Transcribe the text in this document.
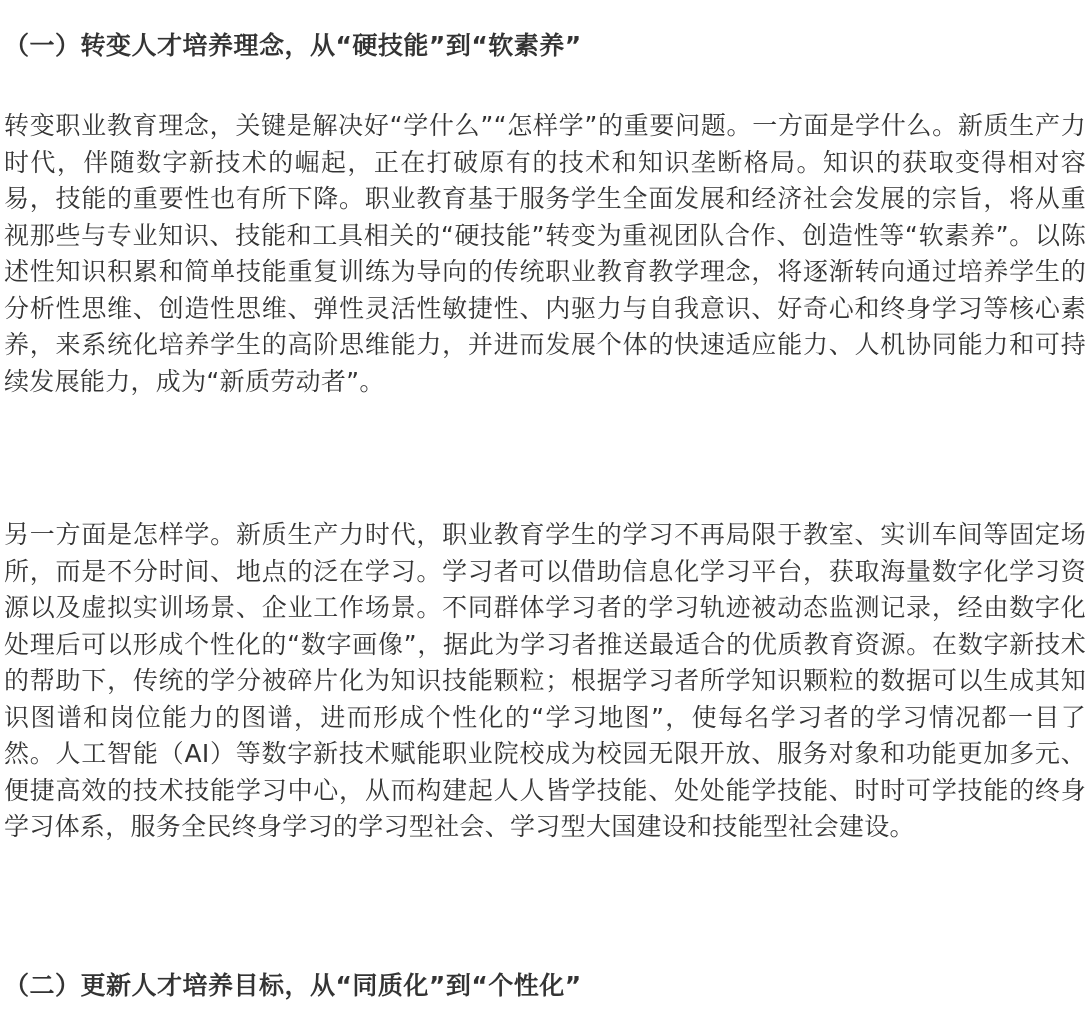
（一）转变人才培养理念，从“硬技能”到“软素养”

转变职业教育理念，关键是解决好“学什么”“怎样学”的重要问题。一方面是学什么。新质生产力时代，伴随数字新技术的崛起，正在打破原有的技术和知识垄断格局。知识的获取变得相对容易，技能的重要性也有所下降。职业教育基于服务学生全面发展和经济社会发展的宗旨，将从重视那些与专业知识、技能和工具相关的“硬技能”转变为重视团队合作、创造性等“软素养”。以陈述性知识积累和简单技能重复训练为导向的传统职业教育教学理念，将逐渐转向通过培养学生的分析性思维、创造性思维、弹性灵活性敏捷性、内驱力与自我意识、好奇心和终身学习等核心素养，来系统化培养学生的高阶思维能力，并进而发展个体的快速适应能力、人机协同能力和可持续发展能力，成为“新质劳动者”。

另一方面是怎样学。新质生产力时代，职业教育学生的学习不再局限于教室、实训车间等固定场所，而是不分时间、地点的泛在学习。学习者可以借助信息化学习平台，获取海量数字化学习资源以及虚拟实训场景、企业工作场景。不同群体学习者的学习轨迹被动态监测记录，经由数字化处理后可以形成个性化的“数字画像”，据此为学习者推送最适合的优质教育资源。在数字新技术的帮助下，传统的学分被碎片化为知识技能颗粒；根据学习者所学知识颗粒的数据可以生成其知识图谱和岗位能力的图谱，进而形成个性化的“学习地图”，使每名学习者的学习情况都一目了然。人工智能（AI）等数字新技术赋能职业院校成为校园无限开放、服务对象和功能更加多元、便捷高效的技术技能学习中心，从而构建起人人皆学技能、处处能学技能、时时可学技能的终身学习体系，服务全民终身学习的学习型社会、学习型大国建设和技能型社会建设。

（二）更新人才培养目标，从“同质化”到“个性化”
